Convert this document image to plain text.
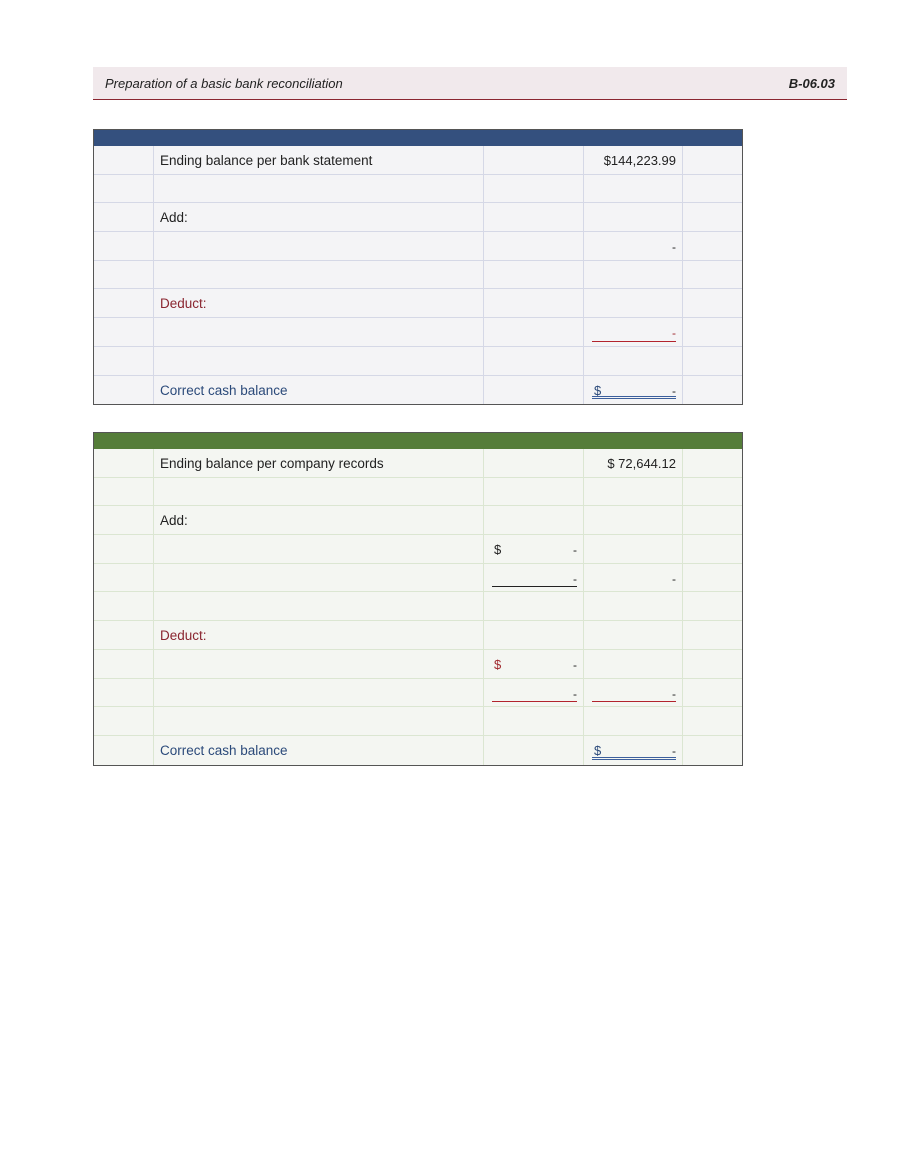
Preparation of a basic bank reconciliation	B-06.03
Ending balance per bank statement	$144,223.99
Add:
-
Deduct:
-
Correct cash balance	$	-
Ending balance per company records	$ 72,644.12
Add:
$	-
-	-
Deduct:
$	-
-	-
Correct cash balance	$	-
